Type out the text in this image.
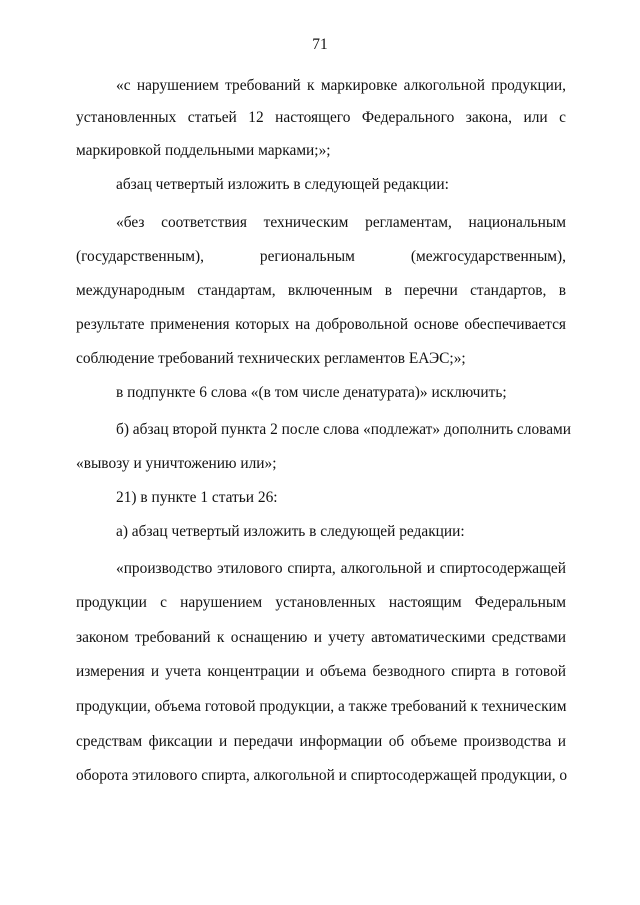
71
«с нарушением требований к маркировке алкогольной продукции,
установленных статьей 12 настоящего Федерального закона, или с
маркировкой поддельными марками;»;
абзац четвертый изложить в следующей редакции:
«без соответствия техническим регламентам, национальным
(государственным), региональным (межгосударственным),
международным стандартам, включенным в перечни стандартов, в
результате применения которых на добровольной основе обеспечивается
соблюдение требований технических регламентов ЕАЭС;»;
в подпункте 6 слова «(в том числе денатурата)» исключить;
б) абзац второй пункта 2 после слова «подлежат» дополнить словами
«вывозу и уничтожению или»;
21) в пункте 1 статьи 26:
а) абзац четвертый изложить в следующей редакции:
«производство этилового спирта, алкогольной и спиртосодержащей
продукции с нарушением установленных настоящим Федеральным
законом требований к оснащению и учету автоматическими средствами
измерения и учета концентрации и объема безводного спирта в готовой
продукции, объема готовой продукции, а также требований к техническим
средствам фиксации и передачи информации об объеме производства и
оборота этилового спирта, алкогольной и спиртосодержащей продукции, о
